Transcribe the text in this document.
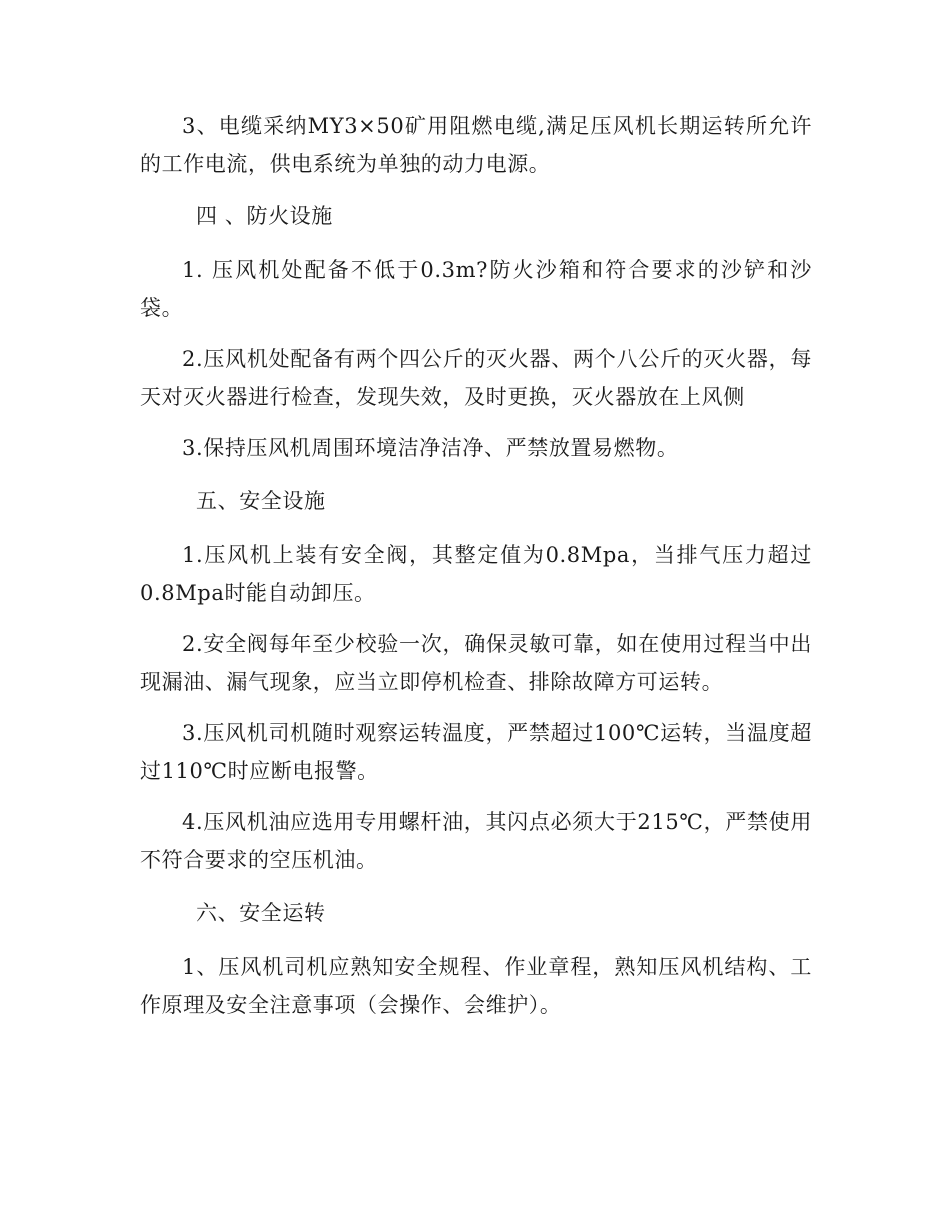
3、电缆采纳MY3×50矿用阻燃电缆,满足压风机长期运转所允许的工作电流，供电系统为单独的动力电源。

四 、防火设施

1. 压风机处配备不低于0.3m?防火沙箱和符合要求的沙铲和沙袋。

2.压风机处配备有两个四公斤的灭火器、两个八公斤的灭火器，每天对灭火器进行检查，发现失效，及时更换，灭火器放在上风侧

3.保持压风机周围环境洁净洁净、严禁放置易燃物。

五、安全设施

1.压风机上装有安全阀，其整定值为0.8Mpa，当排气压力超过0.8Mpa时能自动卸压。

2.安全阀每年至少校验一次，确保灵敏可靠，如在使用过程当中出现漏油、漏气现象，应当立即停机检查、排除故障方可运转。

3.压风机司机随时观察运转温度，严禁超过100℃运转，当温度超过110℃时应断电报警。

4.压风机油应选用专用螺杆油，其闪点必须大于215℃，严禁使用不符合要求的空压机油。

六、安全运转

1、压风机司机应熟知安全规程、作业章程，熟知压风机结构、工作原理及安全注意事项（会操作、会维护）。
